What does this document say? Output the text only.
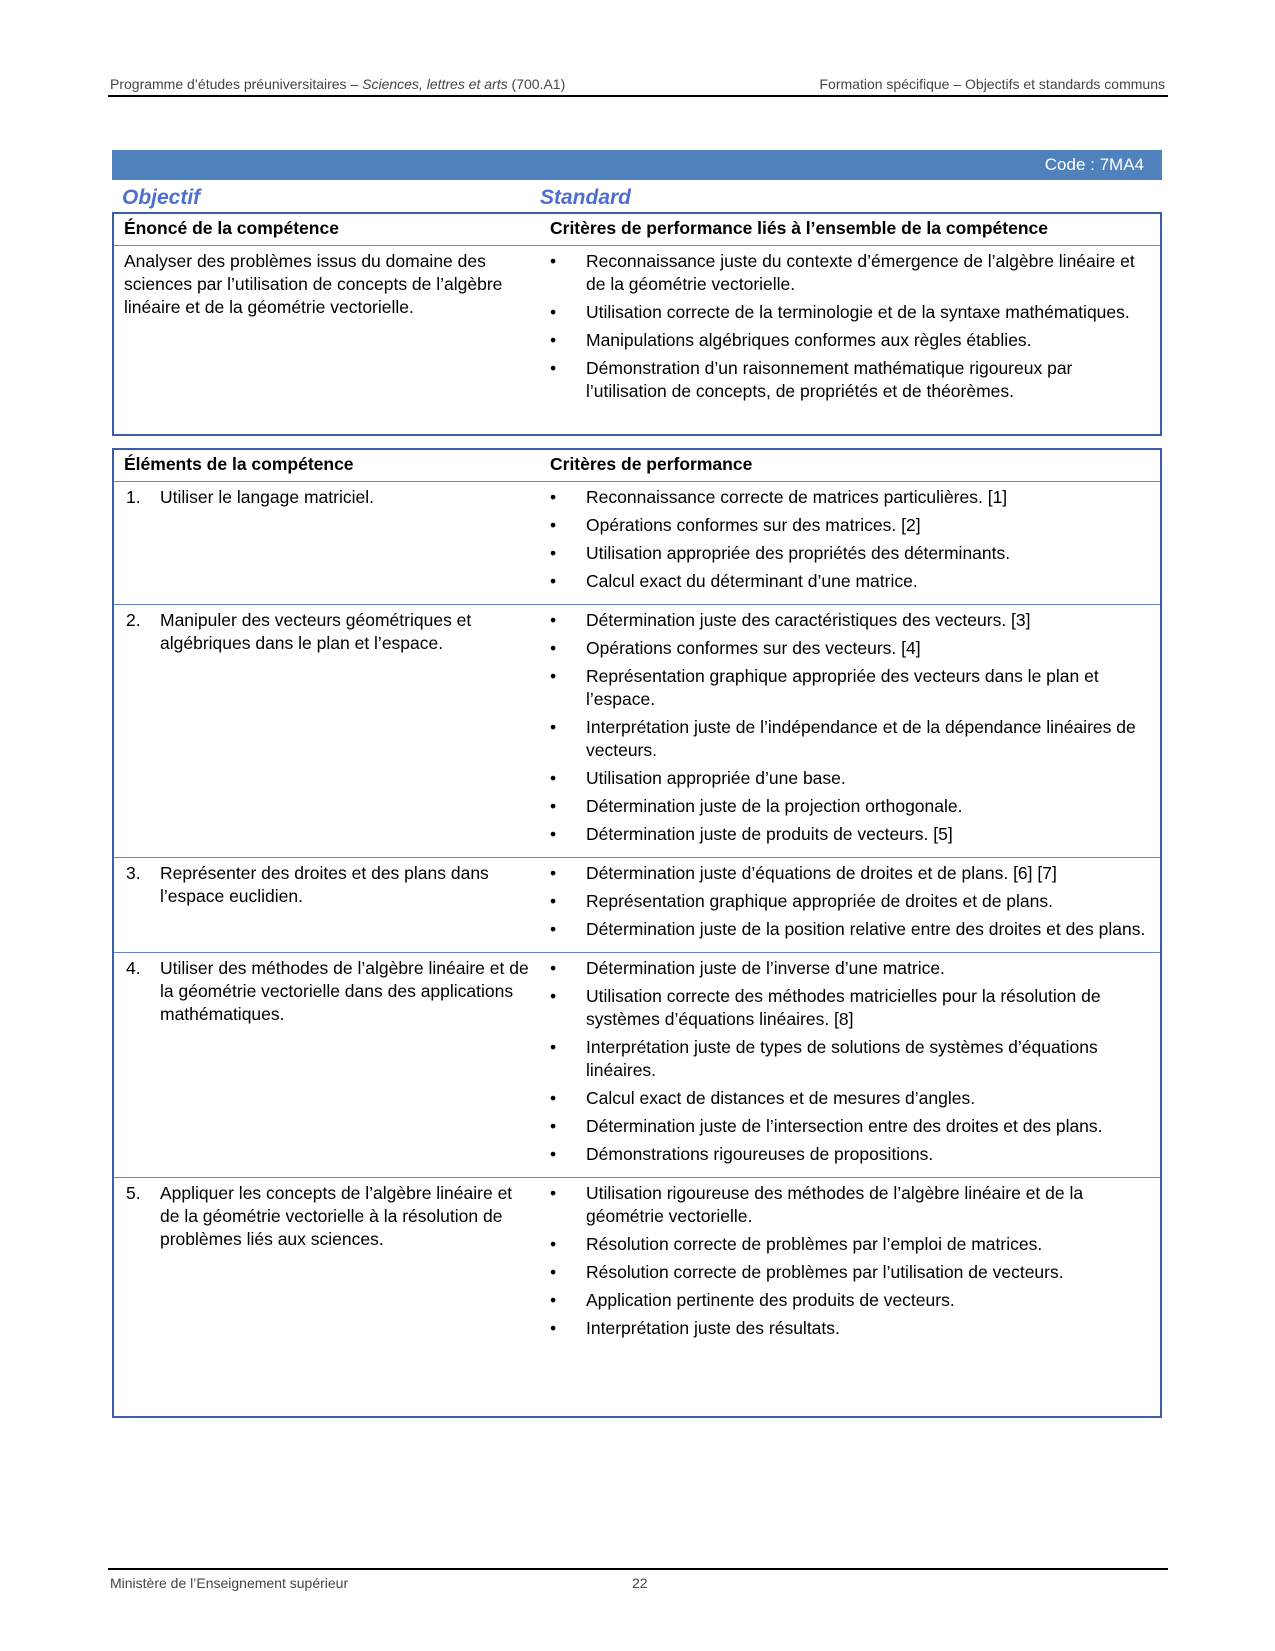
Programme d’études préuniversitaires – Sciences, lettres et arts (700.A1)	Formation spécifique – Objectifs et standards communs
Code : 7MA4
Objectif	Standard
Énoncé de la compétence	Critères de performance liés à l’ensemble de la compétence
Analyser des problèmes issus du domaine des sciences par l’utilisation de concepts de l’algèbre linéaire et de la géométrie vectorielle.
• Reconnaissance juste du contexte d’émergence de l’algèbre linéaire et de la géométrie vectorielle.
• Utilisation correcte de la terminologie et de la syntaxe mathématiques.
• Manipulations algébriques conformes aux règles établies.
• Démonstration d’un raisonnement mathématique rigoureux par l’utilisation de concepts, de propriétés et de théorèmes.
Éléments de la compétence	Critères de performance
1.	Utiliser le langage matriciel.
•	Reconnaissance correcte de matrices particulières. [1]
• Opérations conformes sur des matrices. [2]
• Utilisation appropriée des propriétés des déterminants.
• Calcul exact du déterminant d’une matrice.
2.	Manipuler des vecteurs géométriques et algébriques dans le plan et l’espace.
• Détermination juste des caractéristiques des vecteurs. [3]
• Opérations conformes sur des vecteurs. [4]
• Représentation graphique appropriée des vecteurs dans le plan et l’espace.
• Interprétation juste de l’indépendance et de la dépendance linéaires de vecteurs.
• Utilisation appropriée d’une base.
• Détermination juste de la projection orthogonale.
• Détermination juste de produits de vecteurs. [5]
3.	Représenter des droites et des plans dans l’espace euclidien.
• Détermination juste d’équations de droites et de plans. [6] [7]
• Représentation graphique appropriée de droites et de plans.
• Détermination juste de la position relative entre des droites et des plans.
4.	Utiliser des méthodes de l’algèbre linéaire et de la géométrie vectorielle dans des applications mathématiques.
• Détermination juste de l’inverse d’une matrice.
• Utilisation correcte des méthodes matricielles pour la résolution de systèmes d’équations linéaires. [8]
• Interprétation juste de types de solutions de systèmes d’équations linéaires.
• Calcul exact de distances et de mesures d’angles.
• Détermination juste de l’intersection entre des droites et des plans.
• Démonstrations rigoureuses de propositions.
5.	Appliquer les concepts de l’algèbre linéaire et de la géométrie vectorielle à la résolution de problèmes liés aux sciences.
• Utilisation rigoureuse des méthodes de l’algèbre linéaire et de la géométrie vectorielle.
• Résolution correcte de problèmes par l’emploi de matrices.
• Résolution correcte de problèmes par l’utilisation de vecteurs.
• Application pertinente des produits de vecteurs.
• Interprétation juste des résultats.
Ministère de l’Enseignement supérieur	22
